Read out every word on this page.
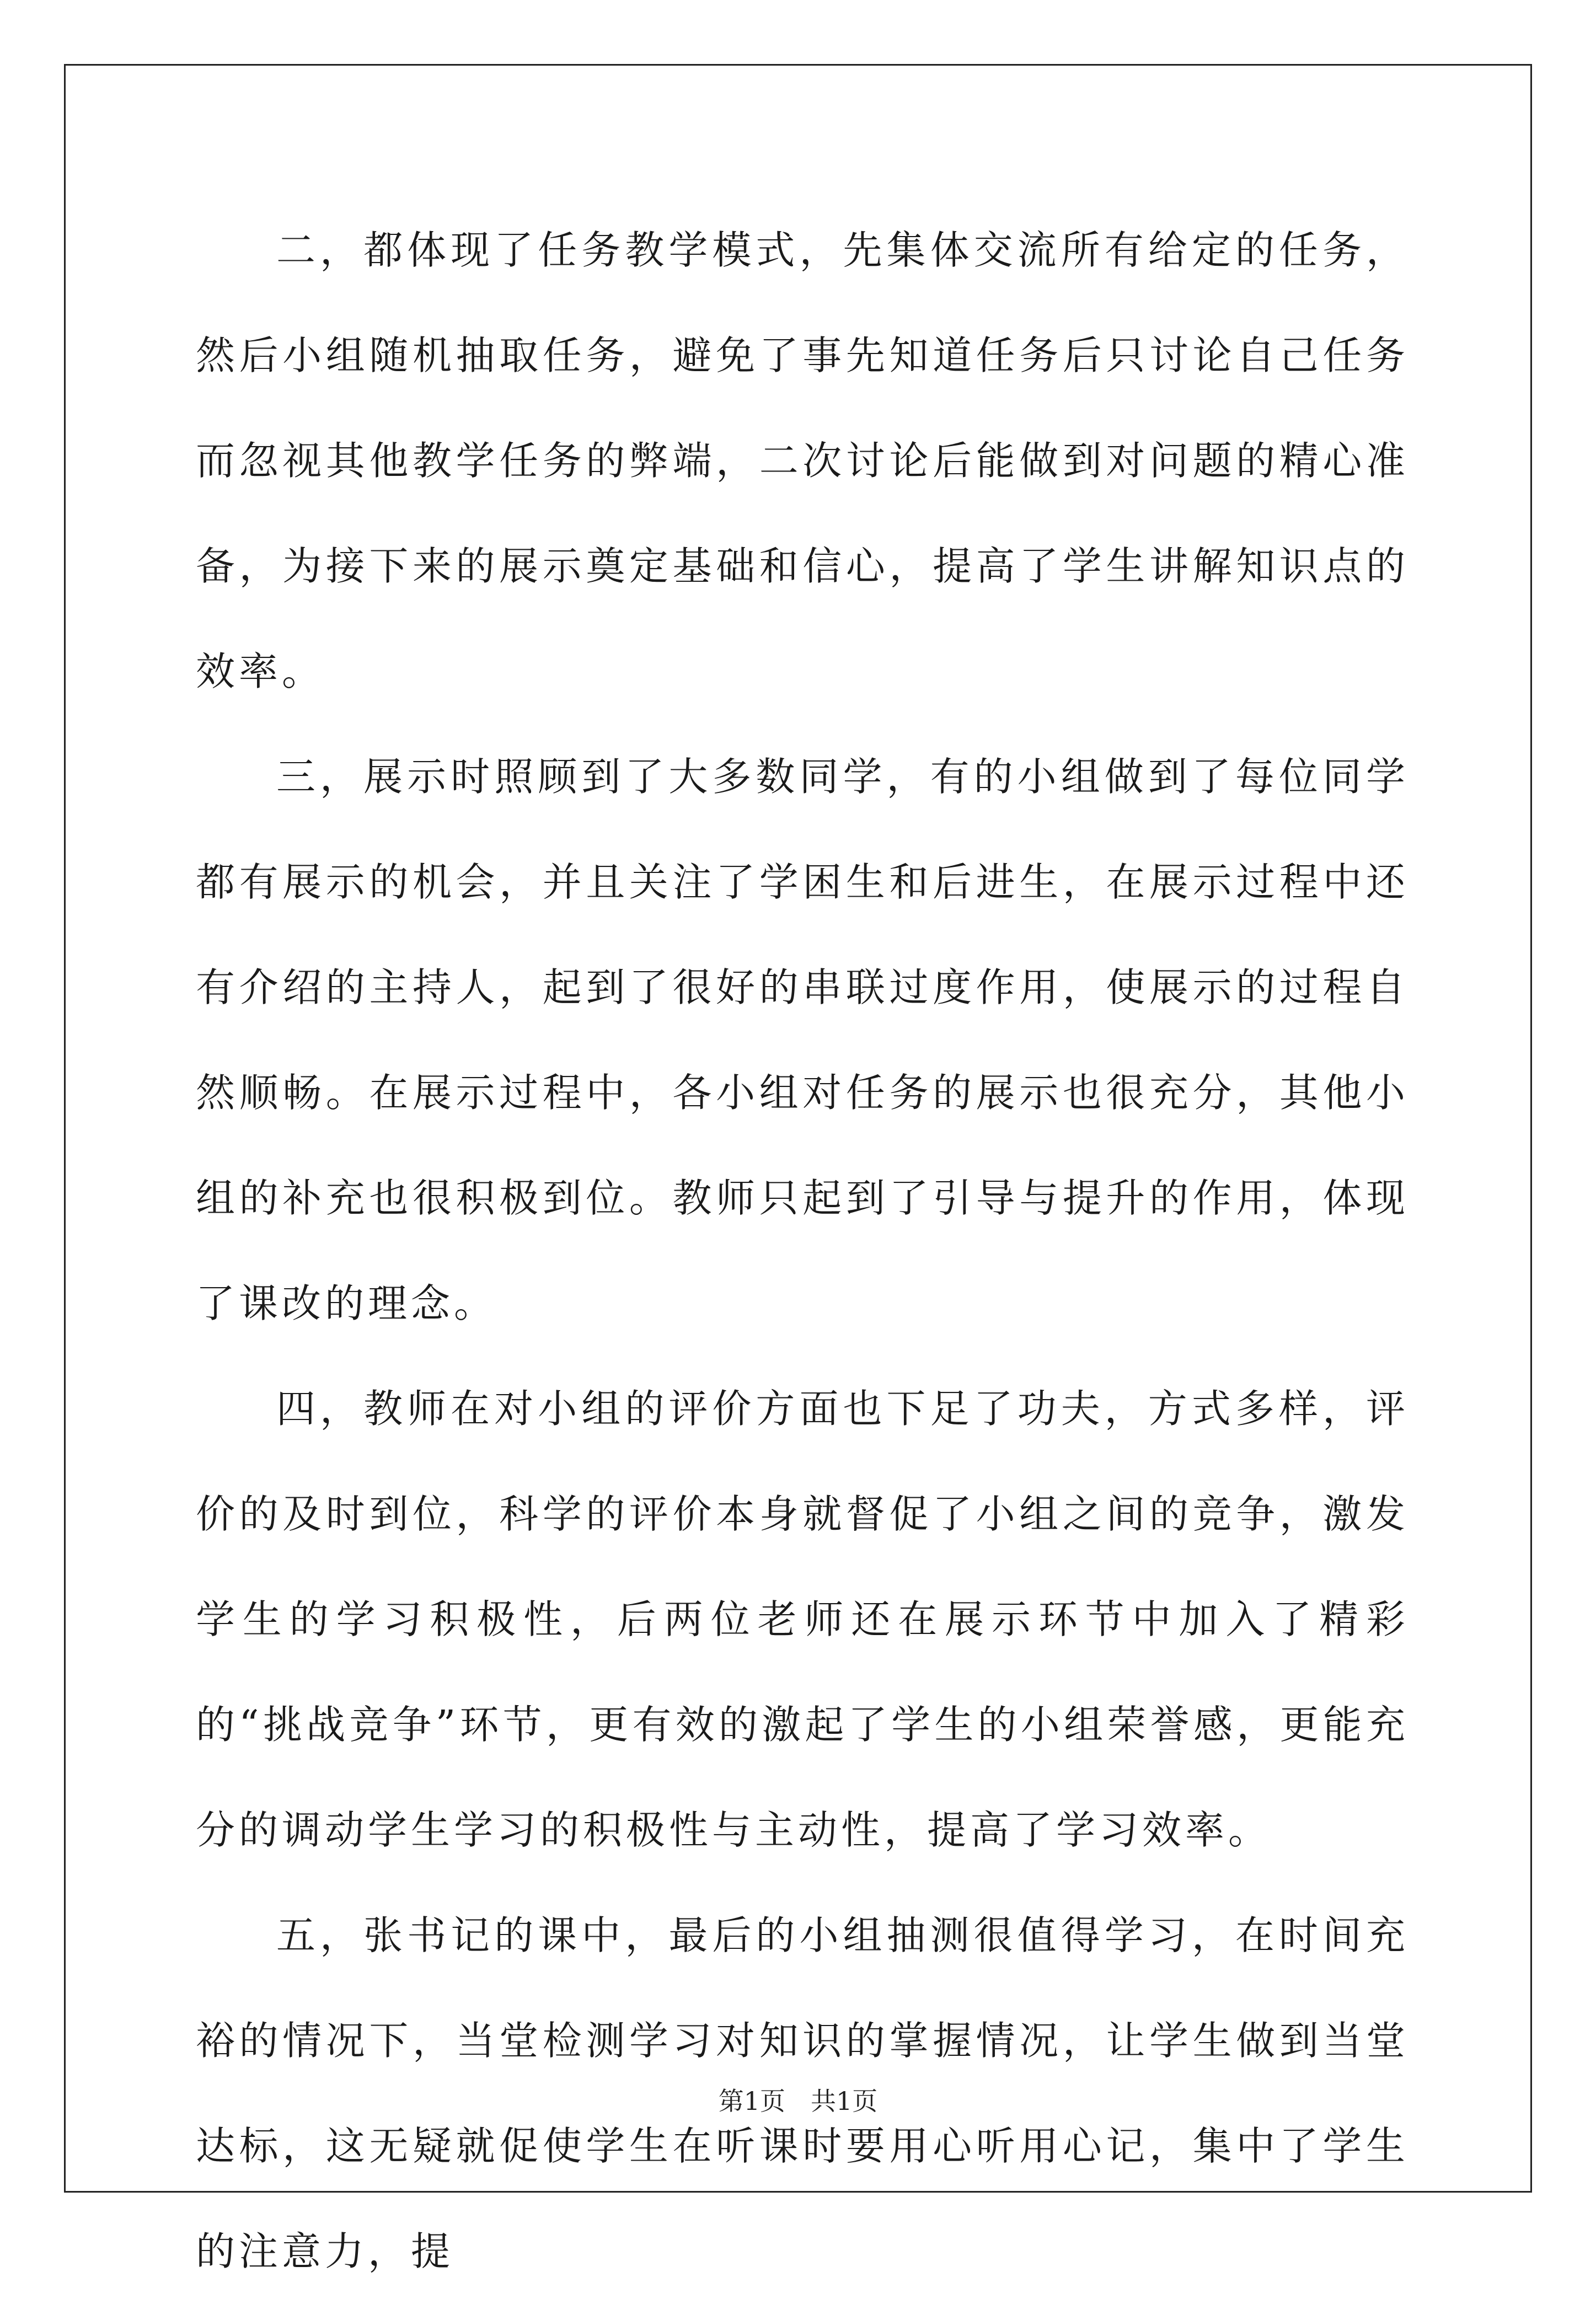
二，都体现了任务教学模式，先集体交流所有给定的任务，然后小组随机抽取任务，避免了事先知道任务后只讨论自己任务而忽视其他教学任务的弊端，二次讨论后能做到对问题的精心准备，为接下来的展示奠定基础和信心，提高了学生讲解知识点的效率。

三，展示时照顾到了大多数同学，有的小组做到了每位同学都有展示的机会，并且关注了学困生和后进生，在展示过程中还有介绍的主持人，起到了很好的串联过度作用，使展示的过程自然顺畅。在展示过程中，各小组对任务的展示也很充分，其他小组的补充也很积极到位。教师只起到了引导与提升的作用，体现了课改的理念。

四，教师在对小组的评价方面也下足了功夫，方式多样，评价的及时到位，科学的评价本身就督促了小组之间的竞争，激发学生的学习积极性，后两位老师还在展示环节中加入了精彩的“挑战竞争”环节，更有效的激起了学生的小组荣誉感，更能充分的调动学生学习的积极性与主动性，提高了学习效率。

五，张书记的课中，最后的小组抽测很值得学习，在时间充裕的情况下，当堂检测学习对知识的掌握情况，让学生做到当堂达标，这无疑就促使学生在听课时要用心听用心记，集中了学生的注意力，提

第1页 共1页
